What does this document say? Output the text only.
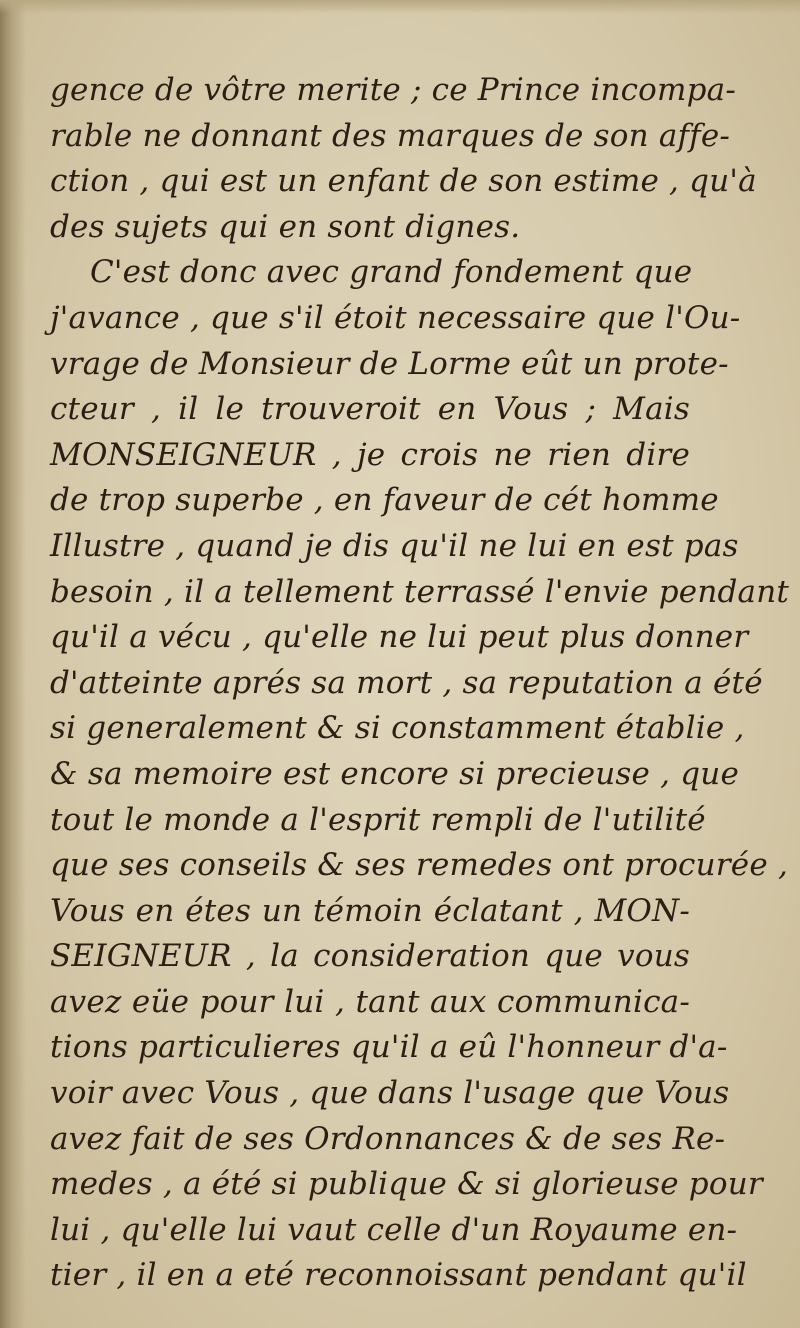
gence de vôtre merite ; ce Prince incompa-
rable ne donnant des marques de son affe-
ction , qui est un enfant de son estime , qu'à
des sujets qui en sont dignes.
C'est donc avec grand fondement que
j'avance , que s'il étoit necessaire que l'Ou-
vrage de Monsieur de Lorme eût un prote-
cteur , il le trouveroit en Vous ; Mais
MONSEIGNEUR , je crois ne rien dire
de trop superbe , en faveur de cét homme
Illustre , quand je dis qu'il ne lui en est pas
besoin , il a tellement terrassé l'envie pendant
qu'il a vécu , qu'elle ne lui peut plus donner
d'atteinte aprés sa mort , sa reputation a été
si generalement & si constamment établie ,
& sa memoire est encore si precieuse , que
tout le monde a l'esprit rempli de l'utilité
que ses conseils & ses remedes ont procurée ,
Vous en étes un témoin éclatant , MON-
SEIGNEUR , la consideration que vous
avez eüe pour lui , tant aux communica-
tions particulieres qu'il a eû l'honneur d'a-
voir avec Vous , que dans l'usage que Vous
avez fait de ses Ordonnances & de ses Re-
medes , a été si publique & si glorieuse pour
lui , qu'elle lui vaut celle d'un Royaume en-
tier , il en a eté reconnoissant pendant qu'il
